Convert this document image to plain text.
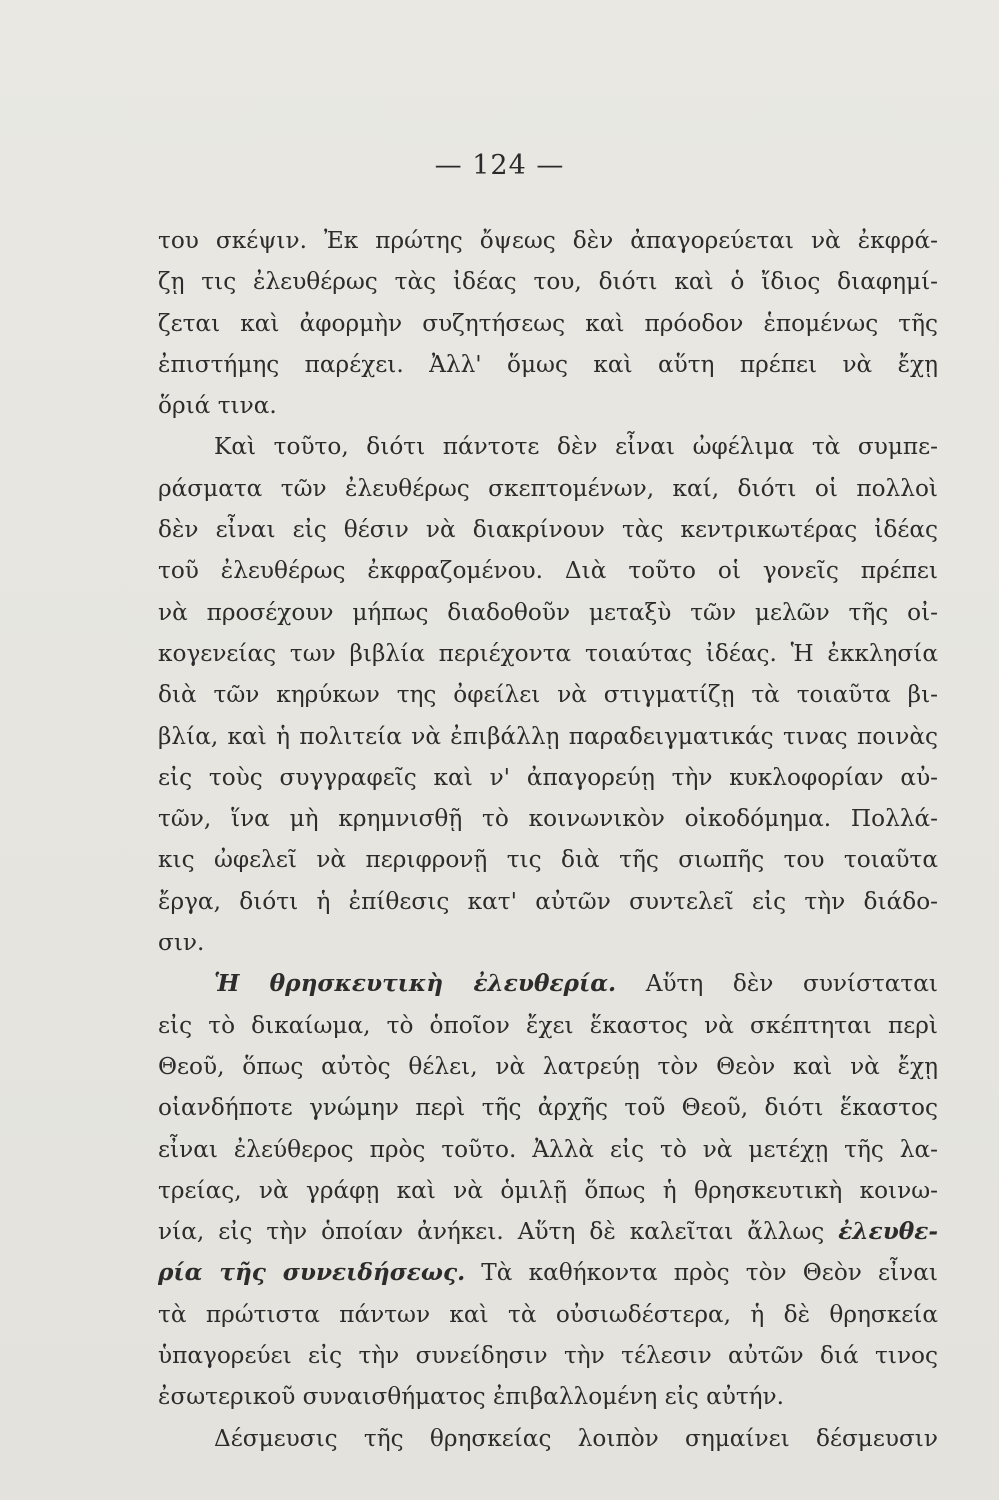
— 124 —
του σκέψιν. Ἐκ πρώτης ὄψεως δὲν ἀπαγορεύεται νὰ ἐκφρά-
ζῃ τις ἐλευθέρως τὰς ἰδέας του, διότι καὶ ὁ ἴδιος διαφημί-
ζεται καὶ ἀφορμὴν συζητήσεως καὶ πρόοδον ἑπομένως τῆς
ἐπιστήμης παρέχει. Ἀλλ' ὅμως καὶ αὕτη πρέπει νὰ ἔχῃ
ὅριά τινα.
Καὶ τοῦτο, διότι πάντοτε δὲν εἶναι ὠφέλιμα τὰ συμπε-
ράσματα τῶν ἐλευθέρως σκεπτομένων, καί, διότι οἱ πολλοὶ
δὲν εἶναι εἰς θέσιν νὰ διακρίνουν τὰς κεντρικωτέρας ἰδέας
τοῦ ἐλευθέρως ἐκφραζομένου. Διὰ τοῦτο οἱ γονεῖς πρέπει
νὰ προσέχουν μήπως διαδοθοῦν μεταξὺ τῶν μελῶν τῆς οἰ-
κογενείας των βιβλία περιέχοντα τοιαύτας ἰδέας. Ἡ ἐκκλησία
διὰ τῶν κηρύκων της ὀφείλει νὰ στιγματίζῃ τὰ τοιαῦτα βι-
βλία, καὶ ἡ πολιτεία νὰ ἐπιβάλλῃ παραδειγματικάς τινας ποινὰς
εἰς τοὺς συγγραφεῖς καὶ ν' ἀπαγορεύῃ τὴν κυκλοφορίαν αὐ-
τῶν, ἵνα μὴ κρημνισθῇ τὸ κοινωνικὸν οἰκοδόμημα. Πολλά-
κις ὠφελεῖ νὰ περιφρονῇ τις διὰ τῆς σιωπῆς του τοιαῦτα
ἔργα, διότι ἡ ἐπίθεσις κατ' αὐτῶν συντελεῖ εἰς τὴν διάδο-
σιν.
Ἡ θρησκευτικὴ ἐλευθερία. Αὕτη δὲν συνίσταται
εἰς τὸ δικαίωμα, τὸ ὁποῖον ἔχει ἕκαστος νὰ σκέπτηται περὶ
Θεοῦ, ὅπως αὐτὸς θέλει, νὰ λατρεύῃ τὸν Θεὸν καὶ νὰ ἔχῃ
οἱανδήποτε γνώμην περὶ τῆς ἀρχῆς τοῦ Θεοῦ, διότι ἕκαστος
εἶναι ἐλεύθερος πρὸς τοῦτο. Ἀλλὰ εἰς τὸ νὰ μετέχῃ τῆς λα-
τρείας, νὰ γράφῃ καὶ νὰ ὁμιλῇ ὅπως ἡ θρησκευτικὴ κοινω-
νία, εἰς τὴν ὁποίαν ἀνήκει. Αὕτη δὲ καλεῖται ἄλλως ἐλευθε-
ρία τῆς συνειδήσεως. Τὰ καθήκοντα πρὸς τὸν Θεὸν εἶναι
τὰ πρώτιστα πάντων καὶ τὰ οὐσιωδέστερα, ἡ δὲ θρησκεία
ὑπαγορεύει εἰς τὴν συνείδησιν τὴν τέλεσιν αὐτῶν διά τινος
ἐσωτερικοῦ συναισθήματος ἐπιβαλλομένη εἰς αὐτήν.
Δέσμευσις τῆς θρησκείας λοιπὸν σημαίνει δέσμευσιν
